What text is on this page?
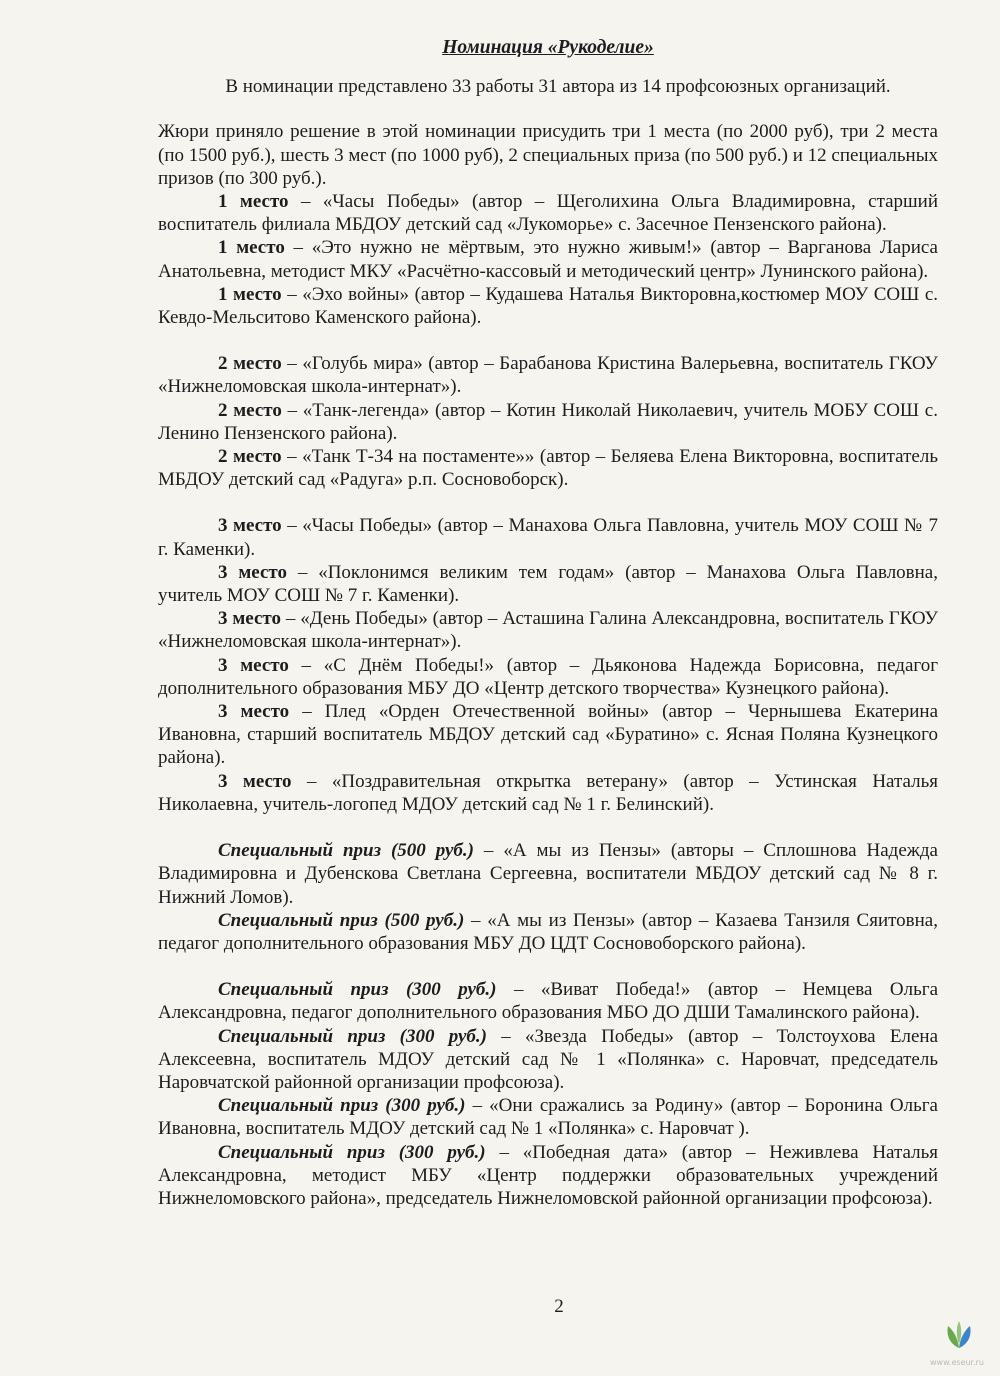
Номинация «Рукоделие»

В номинации представлено 33 работы 31 автора из 14 профсоюзных организаций.

Жюри приняло решение в этой номинации присудить три 1 места (по 2000 руб), три 2 места (по 1500 руб.), шесть 3 мест (по 1000 руб), 2 специальных приза (по 500 руб.) и 12 специальных призов (по 300 руб.).

1 место – «Часы Победы» (автор – Щеголихина Ольга Владимировна, старший воспитатель филиала МБДОУ детский сад «Лукоморье» с. Засечное Пензенского района).

1 место – «Это нужно не мёртвым, это нужно живым!» (автор – Варганова Лариса Анатольевна, методист МКУ «Расчётно-кассовый и методический центр» Лунинского района).

1 место – «Эхо войны» (автор – Кудашева Наталья Викторовна,костюмер МОУ СОШ с. Кевдо-Мельситово Каменского района).

2 место – «Голубь мира» (автор – Барабанова Кристина Валерьевна, воспитатель ГКОУ «Нижнеломовская школа-интернат»).

2 место – «Танк-легенда» (автор – Котин Николай Николаевич, учитель МОБУ СОШ с. Ленино Пензенского района).

2 место – «Танк Т-34 на постаменте»» (автор – Беляева Елена Викторовна, воспитатель МБДОУ детский сад «Радуга» р.п. Сосновоборск).

3 место – «Часы Победы» (автор – Манахова Ольга Павловна, учитель МОУ СОШ № 7 г. Каменки).

3 место – «Поклонимся великим тем годам» (автор – Манахова Ольга Павловна, учитель МОУ СОШ № 7 г. Каменки).

3 место – «День Победы» (автор – Асташина Галина Александровна, воспитатель ГКОУ «Нижнеломовская школа-интернат»).

3 место – «С Днём Победы!» (автор – Дьяконова Надежда Борисовна, педагог дополнительного образования МБУ ДО «Центр детского творчества» Кузнецкого района).

3 место – Плед «Орден Отечественной войны» (автор – Чернышева Екатерина Ивановна, старший воспитатель МБДОУ детский сад «Буратино» с. Ясная Поляна Кузнецкого района).

3 место – «Поздравительная открытка ветерану» (автор – Устинская Наталья Николаевна, учитель-логопед МДОУ детский сад № 1 г. Белинский).

Специальный приз (500 руб.) – «А мы из Пензы» (авторы – Сплошнова Надежда Владимировна и Дубенскова Светлана Сергеевна, воспитатели МБДОУ детский сад № 8 г. Нижний Ломов).

Специальный приз (500 руб.) – «А мы из Пензы» (автор – Казаева Танзиля Сяитовна, педагог дополнительного образования МБУ ДО ЦДТ Сосновоборского района).

Специальный приз (300 руб.) – «Виват Победа!» (автор – Немцева Ольга Александровна, педагог дополнительного образования МБО ДО ДШИ Тамалинского района).

Специальный приз (300 руб.) – «Звезда Победы» (автор – Толстоухова Елена Алексеевна, воспитатель МДОУ детский сад № 1 «Полянка» с. Наровчат, председатель Наровчатской районной организации профсоюза).

Специальный приз (300 руб.) – «Они сражались за Родину» (автор – Боронина Ольга Ивановна, воспитатель МДОУ детский сад № 1 «Полянка» с. Наровчат ).

Специальный приз (300 руб.) – «Победная дата» (автор – Неживлева Наталья Александровна, методист МБУ «Центр поддержки образовательных учреждений Нижнеломовского района», председатель Нижнеломовской районной организации профсоюза).

2
www.eseur.ru
